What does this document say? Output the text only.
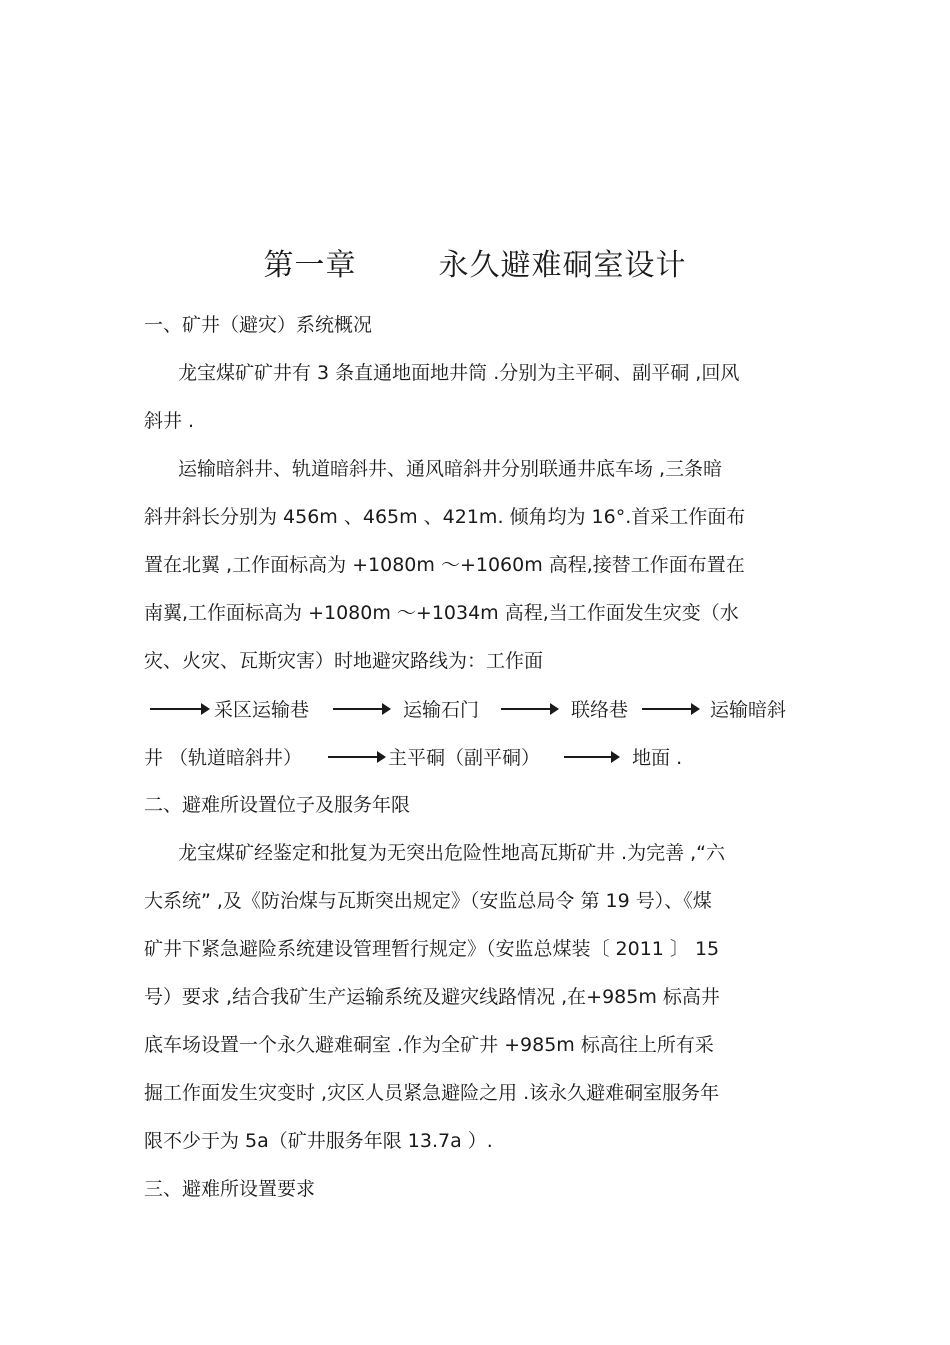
第一章	永久避难硐室设计
一、矿井（避灾）系统概况
龙宝煤矿矿井有 3 条直通地面地井筒 .分别为主平硐、副平硐 ,回风
斜井 .
运输暗斜井、轨道暗斜井、通风暗斜井分别联通井底车场 ,三条暗
斜井斜长分别为 456m 、465m 、421m. 倾角均为 16°.首采工作面布
置在北翼 ,工作面标高为 +1080m ～+1060m 高程,接替工作面布置在
南翼,工作面标高为 +1080m ～+1034m 高程,当工作面发生灾变（水
灾、火灾、瓦斯灾害）时地避灾路线为：工作面
采区运输巷	运输石门	联络巷	运输暗斜
井 （轨道暗斜井）	主平硐（副平硐）	地面 .
二、避难所设置位子及服务年限
龙宝煤矿经鉴定和批复为无突出危险性地高瓦斯矿井 .为完善 ,“六
大系统” ,及《防治煤与瓦斯突出规定》（安监总局令 第 19 号）、《煤
矿井下紧急避险系统建设管理暂行规定》（安监总煤装〔 2011 〕 15
号）要求 ,结合我矿生产运输系统及避灾线路情况 ,在+985m 标高井
底车场设置一个永久避难硐室 .作为全矿井 +985m 标高往上所有采
掘工作面发生灾变时 ,灾区人员紧急避险之用 .该永久避难硐室服务年
限不少于为 5a（矿井服务年限 13.7a ）.
三、避难所设置要求
